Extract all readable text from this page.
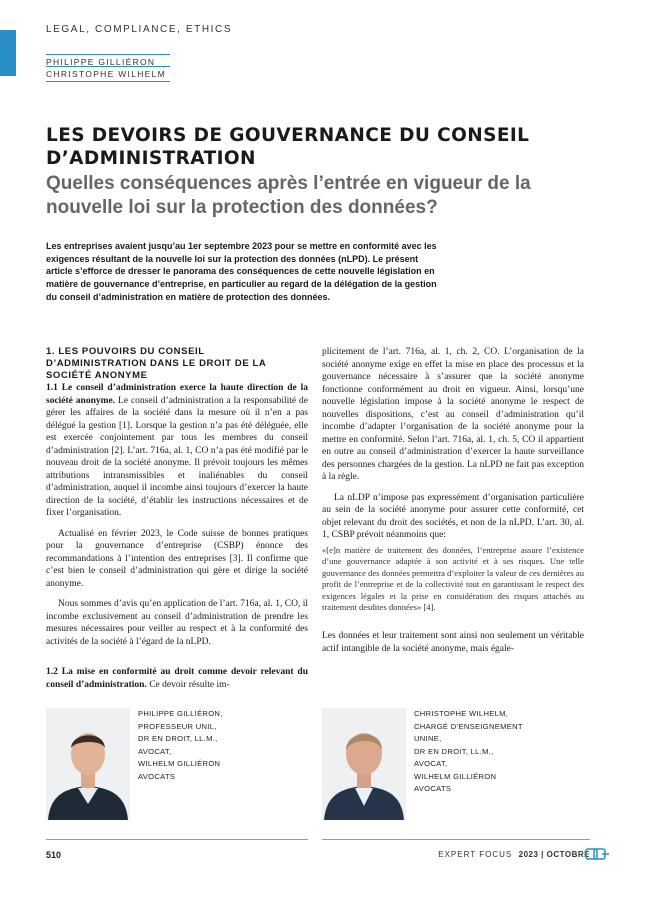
LEGAL, COMPLIANCE, ETHICS
PHILIPPE GILLIÉRON
CHRISTOPHE WILHELM
LES DEVOIRS DE GOUVERNANCE DU CONSEIL D’ADMINISTRATION
Quelles conséquences après l’entrée en vigueur de la nouvelle loi sur la protection des données?

Les entreprises avaient jusqu’au 1er septembre 2023 pour se mettre en conformité avec les exigences résultant de la nouvelle loi sur la protection des données (nLPD). Le présent article s’efforce de dresser le panorama des conséquences de cette nouvelle législation en matière de gouvernance d’entreprise, en particulier au regard de la délégation de la gestion du conseil d’administration en matière de protection des données.

1. LES POUVOIRS DU CONSEIL D’ADMINISTRATION DANS LE DROIT DE LA SOCIÉTÉ ANONYME

1.1 Le conseil d’administration exerce la haute direction de la société anonyme. Le conseil d’administration a la responsabilité de gérer les affaires de la société dans la mesure où il n’en a pas délégué la gestion [1]. Lorsque la gestion n’a pas été déléguée, elle est exercée conjointement par tous les membres du conseil d’administration [2]. L’art. 716a, al. 1, CO n’a pas été modifié par le nouveau droit de la société anonyme. Il prévoit toujours les mêmes attributions intransmissibles et inaliénables du conseil d’administration, auquel il incombe ainsi toujours d’exercer la haute direction de la société, d’établir les instructions nécessaires et de fixer l’organisation.

Actualisé en février 2023, le Code suisse de bonnes pratiques pour la gouvernance d’entreprise (CSBP) énonce des recommandations à l’intention des entreprises [3]. Il confirme que c’est bien le conseil d’administration qui gère et dirige la société anonyme.

Nous sommes d’avis qu’en application de l’art. 716a, al. 1, CO, il incombe exclusivement au conseil d’administration de prendre les mesures nécessaires pour veiller au respect et à la conformité des activités de la société à l’égard de la nLPD.

1.2 La mise en conformité au droit comme devoir relevant du conseil d’administration. Ce devoir résulte im-

plicitement de l’art. 716a, al. 1, ch. 2, CO. L’organisation de la société anonyme exige en effet la mise en place des processus et la gouvernance nécessaire à s’assurer que la société anonyme fonctionne conformément au droit en vigueur. Ainsi, lorsqu’une nouvelle législation impose à la société anonyme le respect de nouvelles dispositions, c’est au conseil d’administration qu’il incombe d’adapter l’organisation de la société anonyme pour la mettre en conformité. Selon l’art. 716a, al. 1, ch. 5, CO il appartient en outre au conseil d’administration d’exercer la haute surveillance des personnes chargées de la gestion. La nLPD ne fait pas exception à la règle.

La nLDP n’impose pas expressément d’organisation particulière au sein de la société anonyme pour assurer cette conformité, cet objet relevant du droit des sociétés, et non de la nLPD. L’art. 30, al. 1, CSBP prévoit néanmoins que:

«[e]n matière de traitement des données, l’entreprise assure l’existence d’une gouvernance adaptée à son activité et à ses risques. Une telle gouvernance des données permettra d’exploiter la valeur de ces dernières au profit de l’entreprise et de la collectivité tout en garantissant le respect des exigences légales et la prise en considération des risques attachés au traitement desdites données» [4].

Les données et leur traitement sont ainsi non seulement un véritable actif intangible de la société anonyme, mais égale-

PHILIPPE GILLIÉRON,
PROFESSEUR UNIL,
DR EN DROIT, LL.M.,
AVOCAT,
WILHELM GILLIÉRON
AVOCATS
CHRISTOPHE WILHELM,
CHARGÉ D’ENSEIGNEMENT
UNINE,
DR EN DROIT, LL.M.,
AVOCAT,
WILHELM GILLIÉRON
AVOCATS
510	EXPERT FOCUS 2023 | OCTOBRE
